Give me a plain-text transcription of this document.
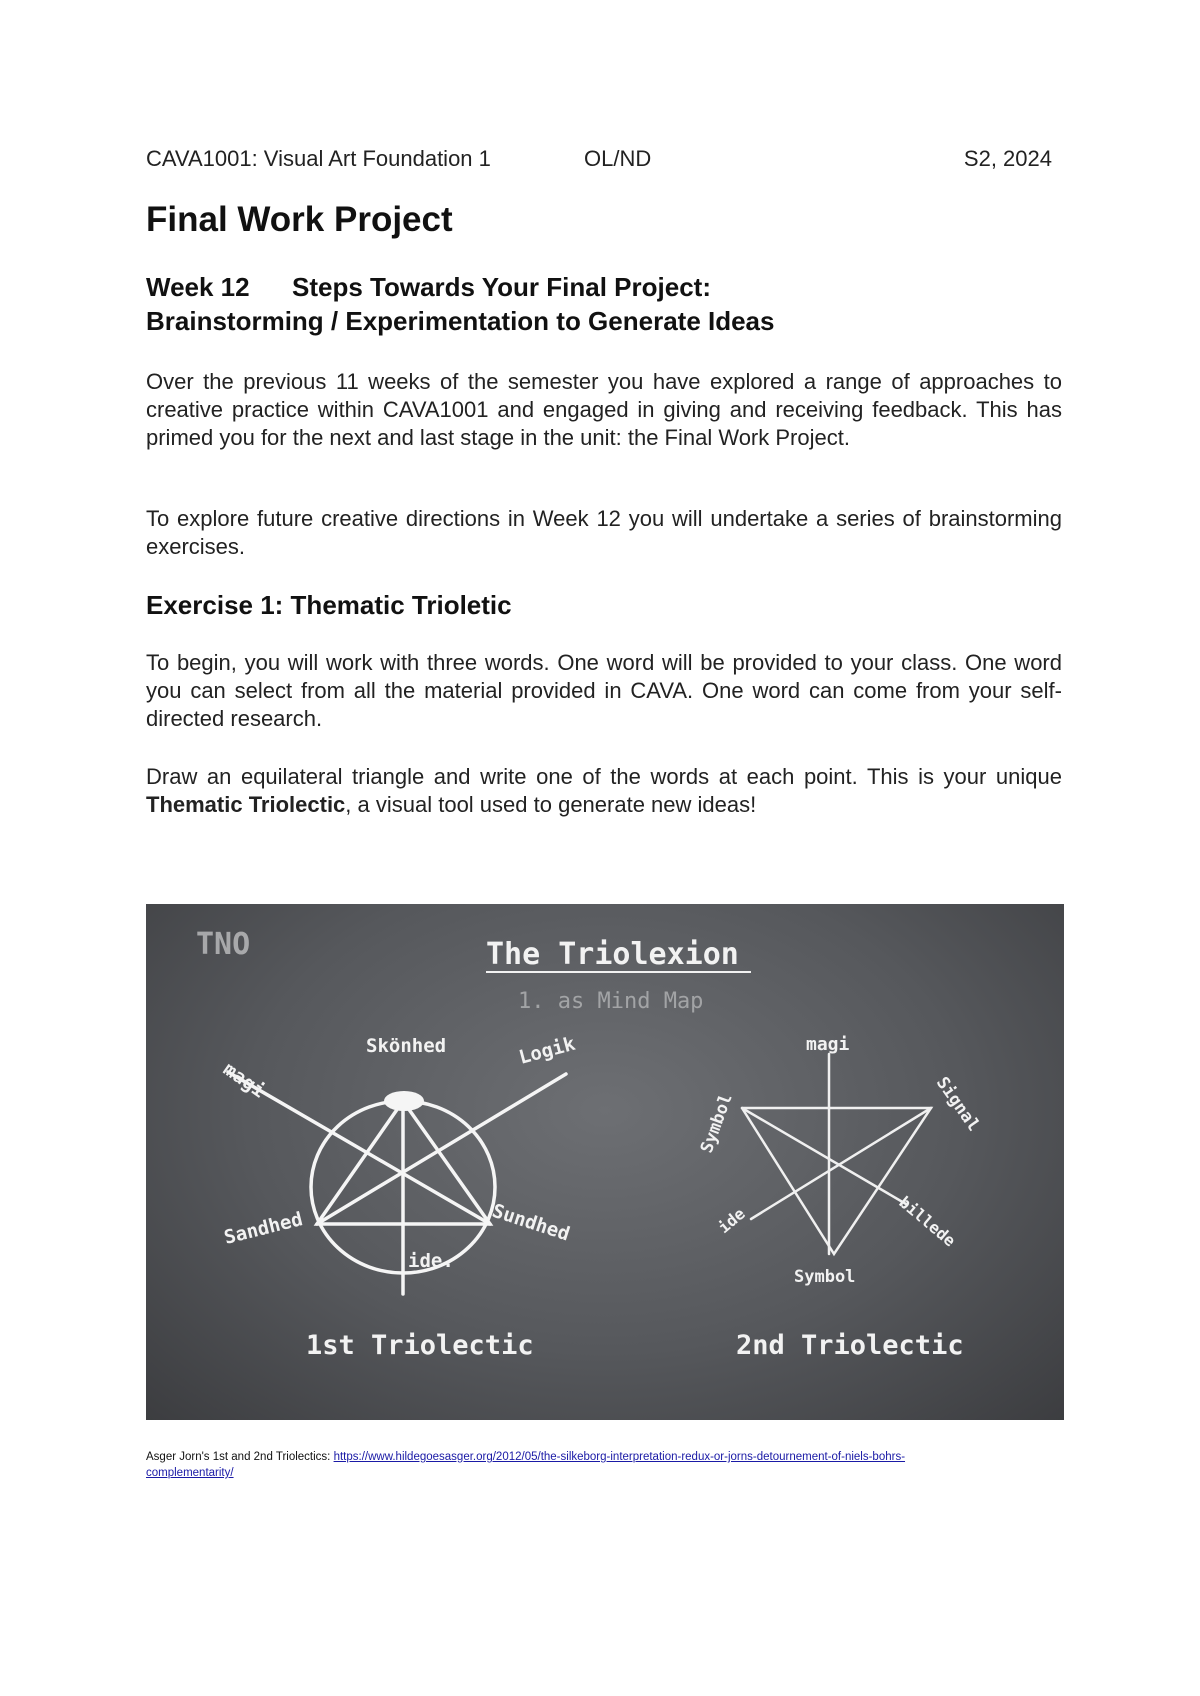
CAVA1001: Visual Art Foundation 1	OL/ND	S2, 2024
Final Work Project
Week 12 Steps Towards Your Final Project:
Brainstorming / Experimentation to Generate Ideas

Over the previous 11 weeks of the semester you have explored a range of approaches to creative practice within CAVA1001 and engaged in giving and receiving feedback. This has primed you for the next and last stage in the unit: the Final Work Project.

To explore future creative directions in Week 12 you will undertake a series of brainstorming exercises.

Exercise 1: Thematic Trioletic

To begin, you will work with three words. One word will be provided to your class. One word you can select from all the material provided in CAVA. One word can come from your self-directed research.

Draw an equilateral triangle and write one of the words at each point. This is your unique Thematic Triolectic, a visual tool used to generate new ideas!

TNO	The Triolexion
1. as Mind Map
Skönhed
magi
Logik
Sandhed	Sundhed
ide.
magi
Symbol	Signal
ide	billede
Symbol
1st Triolectic	2nd Triolectic
Asger Jorn's 1st and 2nd Triolectics: https://www.hildegoesasger.org/2012/05/the-silkeborg-interpretation-redux-or-jorns-detournement-of-niels-bohrs-
complementarity/
